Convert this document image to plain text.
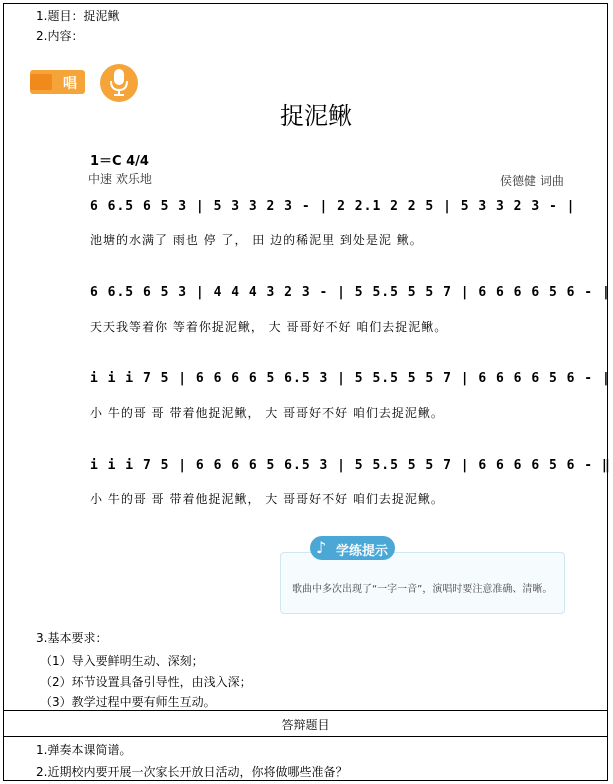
1.题目：捉泥鳅
2.内容：
唱歌	捉泥鳅
1＝C 4/4
中速 欢乐地	侯德健 词曲
6 6.5 6 5 3 | 5 3 3 2 3 - | 2 2.1 2 2 5 | 5 3 3 2 3 - |
池塘的水满了 雨也 停 了， 田 边的稀泥里 到处是泥 鳅。
6 6.5 6 5 3 | 4 4 4 3 2 3 - | 5 5.5 5 5 7 | 6 6 6 6 5 6 - |
天天我等着你 等着你捉泥鳅， 大 哥哥好不好 咱们去捉泥鳅。
i i i 7 5 | 6 6 6 6 5 6.5 3 | 5 5.5 5 5 7 | 6 6 6 6 5 6 - |
小 牛的哥 哥 带着他捉泥鳅， 大 哥哥好不好 咱们去捉泥鳅。
i i i 7 5 | 6 6 6 6 5 6.5 3 | 5 5.5 5 5 7 | 6 6 6 6 5 6 - ‖
小 牛的哥 哥 带着他捉泥鳅， 大 哥哥好不好 咱们去捉泥鳅。
♪ 学练提示
歌曲中多次出现了“一字一音”，演唱时要注意准确、清晰。
3.基本要求：
（1）导入要鲜明生动、深刻；
（2）环节设置具备引导性，由浅入深；
（3）教学过程中要有师生互动。
答辩题目
1.弹奏本课简谱。
2.近期校内要开展一次家长开放日活动，你将做哪些准备？
